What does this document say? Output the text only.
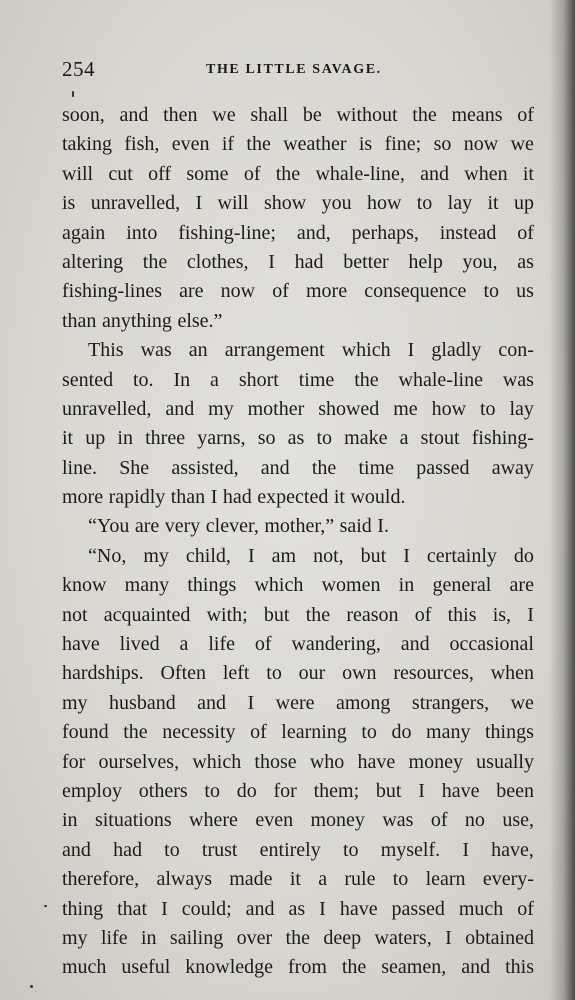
254	THE LITTLE SAVAGE.
soon, and then we shall be without the means of
taking fish, even if the weather is fine; so now we
will cut off some of the whale-line, and when it
is unravelled, I will show you how to lay it up
again into fishing-line; and, perhaps, instead of
altering the clothes, I had better help you, as
fishing-lines are now of more consequence to us
than anything else.”
This was an arrangement which I gladly con-
sented to. In a short time the whale-line was
unravelled, and my mother showed me how to lay
it up in three yarns, so as to make a stout fishing-
line. She assisted, and the time passed away
more rapidly than I had expected it would.
“You are very clever, mother,” said I.
“No, my child, I am not, but I certainly do
know many things which women in general are
not acquainted with; but the reason of this is, I
have lived a life of wandering, and occasional
hardships. Often left to our own resources, when
my husband and I were among strangers, we
found the necessity of learning to do many things
for ourselves, which those who have money usually
employ others to do for them; but I have been
in situations where even money was of no use,
and had to trust entirely to myself. I have,
therefore, always made it a rule to learn every-
thing that I could; and as I have passed much of
my life in sailing over the deep waters, I obtained
much useful knowledge from the seamen, and this
